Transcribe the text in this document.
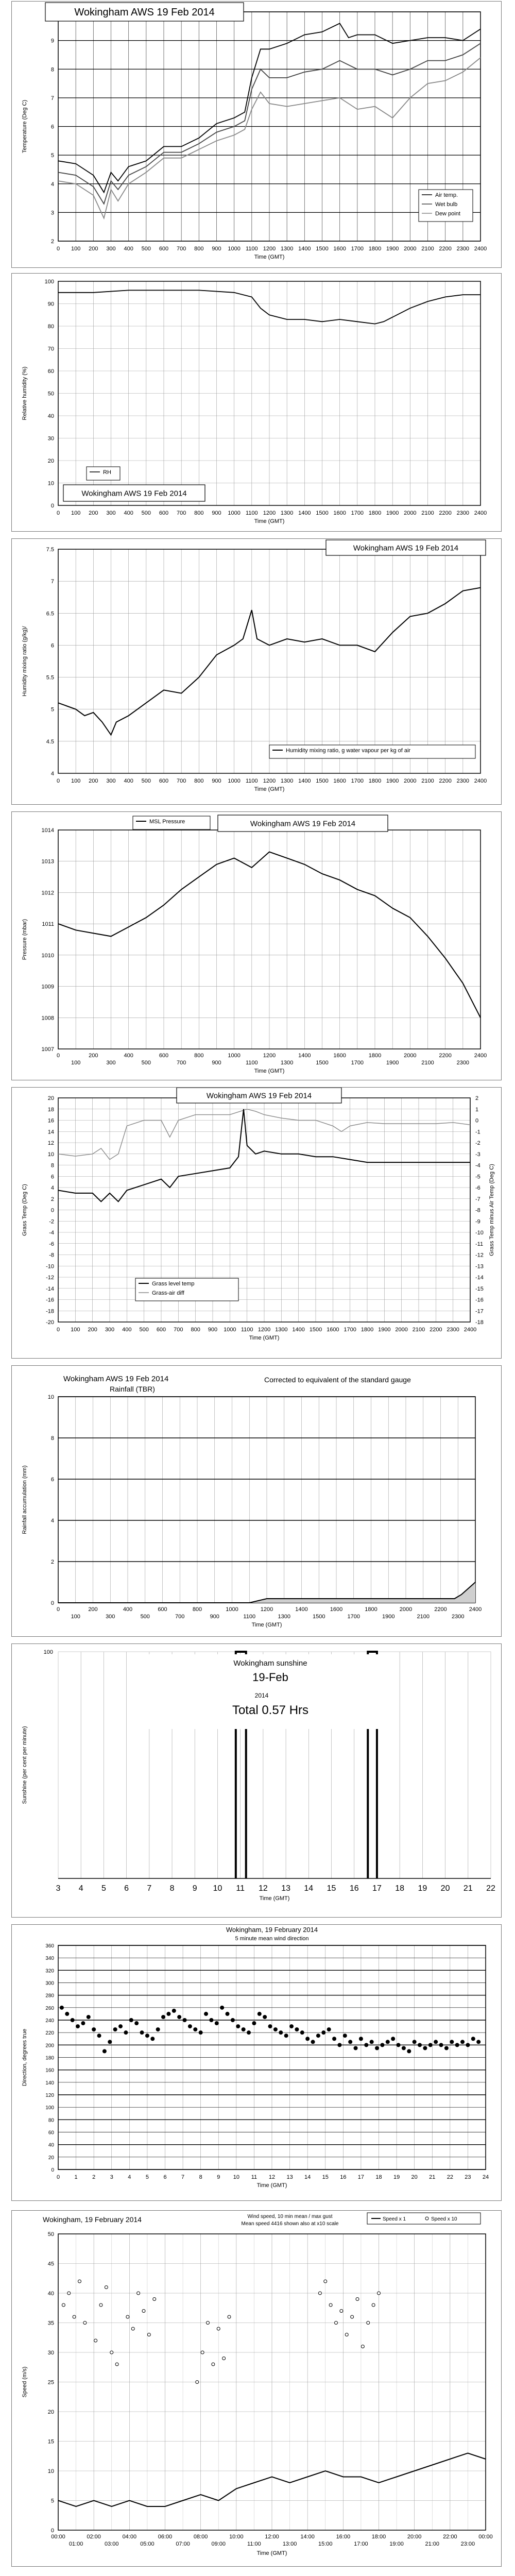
0 100 200 300 400 500 600 700 800 900 1000 1100 1200 1300 1400 1500 1600 1700 1800 1900 2000 2100 2200 2300 2400
2
3
4
5
6
7
8
9
Wokingham AWS 19 Feb 2014
Air temp.
Wet bulb
Dew point
Temperature (Deg C)
Time (GMT)
0 100 200 300 400 500 600 700 800 900 1000 1100 1200 1300 1400 1500 1600 1700 1800 1900 2000 2100 2200 2300 2400
0
10
20
30
40
50
60
70
80
90
100
RH
Wokingham AWS 19 Feb 2014
Relative humidity (%)
Time (GMT)
0 100 200 300 400 500 600 700 800 900 1000 1100 1200 1300 1400 1500 1600 1700 1800 1900 2000 2100 2200 2300 2400
4
4.5
5
5.5
6
6.5
7
7.5	Wokingham AWS 19 Feb 2014
Humidity mixing ratio, g water vapour per kg of air
Humidity mixing ratio (g/kg)/
Time (GMT)
0	200	400	600	800	1000	1200	1400	1600	1800	2000	2200	2400
100	300	500	700	900	1100	1300	1500	1700	1900	2100	2300
1007
1008
1009
1010
1011
1012
1013
1014
MSL Pressure	Wokingham AWS 19 Feb 2014
Pressure (mbar)
Time (GMT)
0 100 200 300 400 500 600 700 800 900 1000 1100 1200 1300 1400 1500 1600 1700 1800 1900 2000 2100 2200 2300 2400
20
18
16
14
12
10
8
6
4
2
0
-2
-4
-6
-8
-10
-12
-14
-16
-18
-20
2
1
0
-1
-2
-3
-4
-5
-6
-7
-8
-9
-10
-11
-12
-13
-14
-15
-16
-17
-18
Wokingham AWS 19 Feb 2014
Grass level temp
Grass-air diff
Grass Temp (Deg C)	Grass Temp minus Air Temp (Deg C)
Time (GMT)
0	200	400	600	800	1000	1200	1400	1600	1800	2000	2200	2400
100	300	500	700	900	1100	1300	1500	1700	1900	2100	2300
0
2
4
6
8
10
Wokingham AWS 19 Feb 2014
Rainfall (TBR)
Corrected to equivalent of the standard gauge
Rainfall accumulation (mm)
Time (GMT)
3 4 5 6 7 8 9 10 11 12 13 14 15 16 17 18 19 20 21 22
100
Wokingham sunshine
19-Feb
2014
Total 0.57 Hrs
Sunshine (per cent per minute)
Time (GMT)
0	1	2	3	4	5	6	7	8	9 10 11 12 13 14 15 16 17 18 19 20 21 22 23 24
0
20
40
60
80
100
120
140
160
180
200
220
240
260
280
300
320
340
360
Wokingham, 19 February 2014
5 minute mean wind direction
Direction, degrees true
Time (GMT)
00:00	02:00	04:00	06:00	08:00	10:00	12:00	14:00	16:00	18:00	20:00	22:00	00:00
01:00	03:00	05:00	07:00	09:00	11:00	13:00	15:00	17:00	19:00	21:00	23:00
0
5
10
15
20
25
30
35
40
45
50
Wokingham, 19 February 2014	Wind speed, 10 min mean / max gust
Mean speed 4416 shown also at x10 scale
Speed x 1	Speed x 10
Speed (m/s)
Time (GMT)
